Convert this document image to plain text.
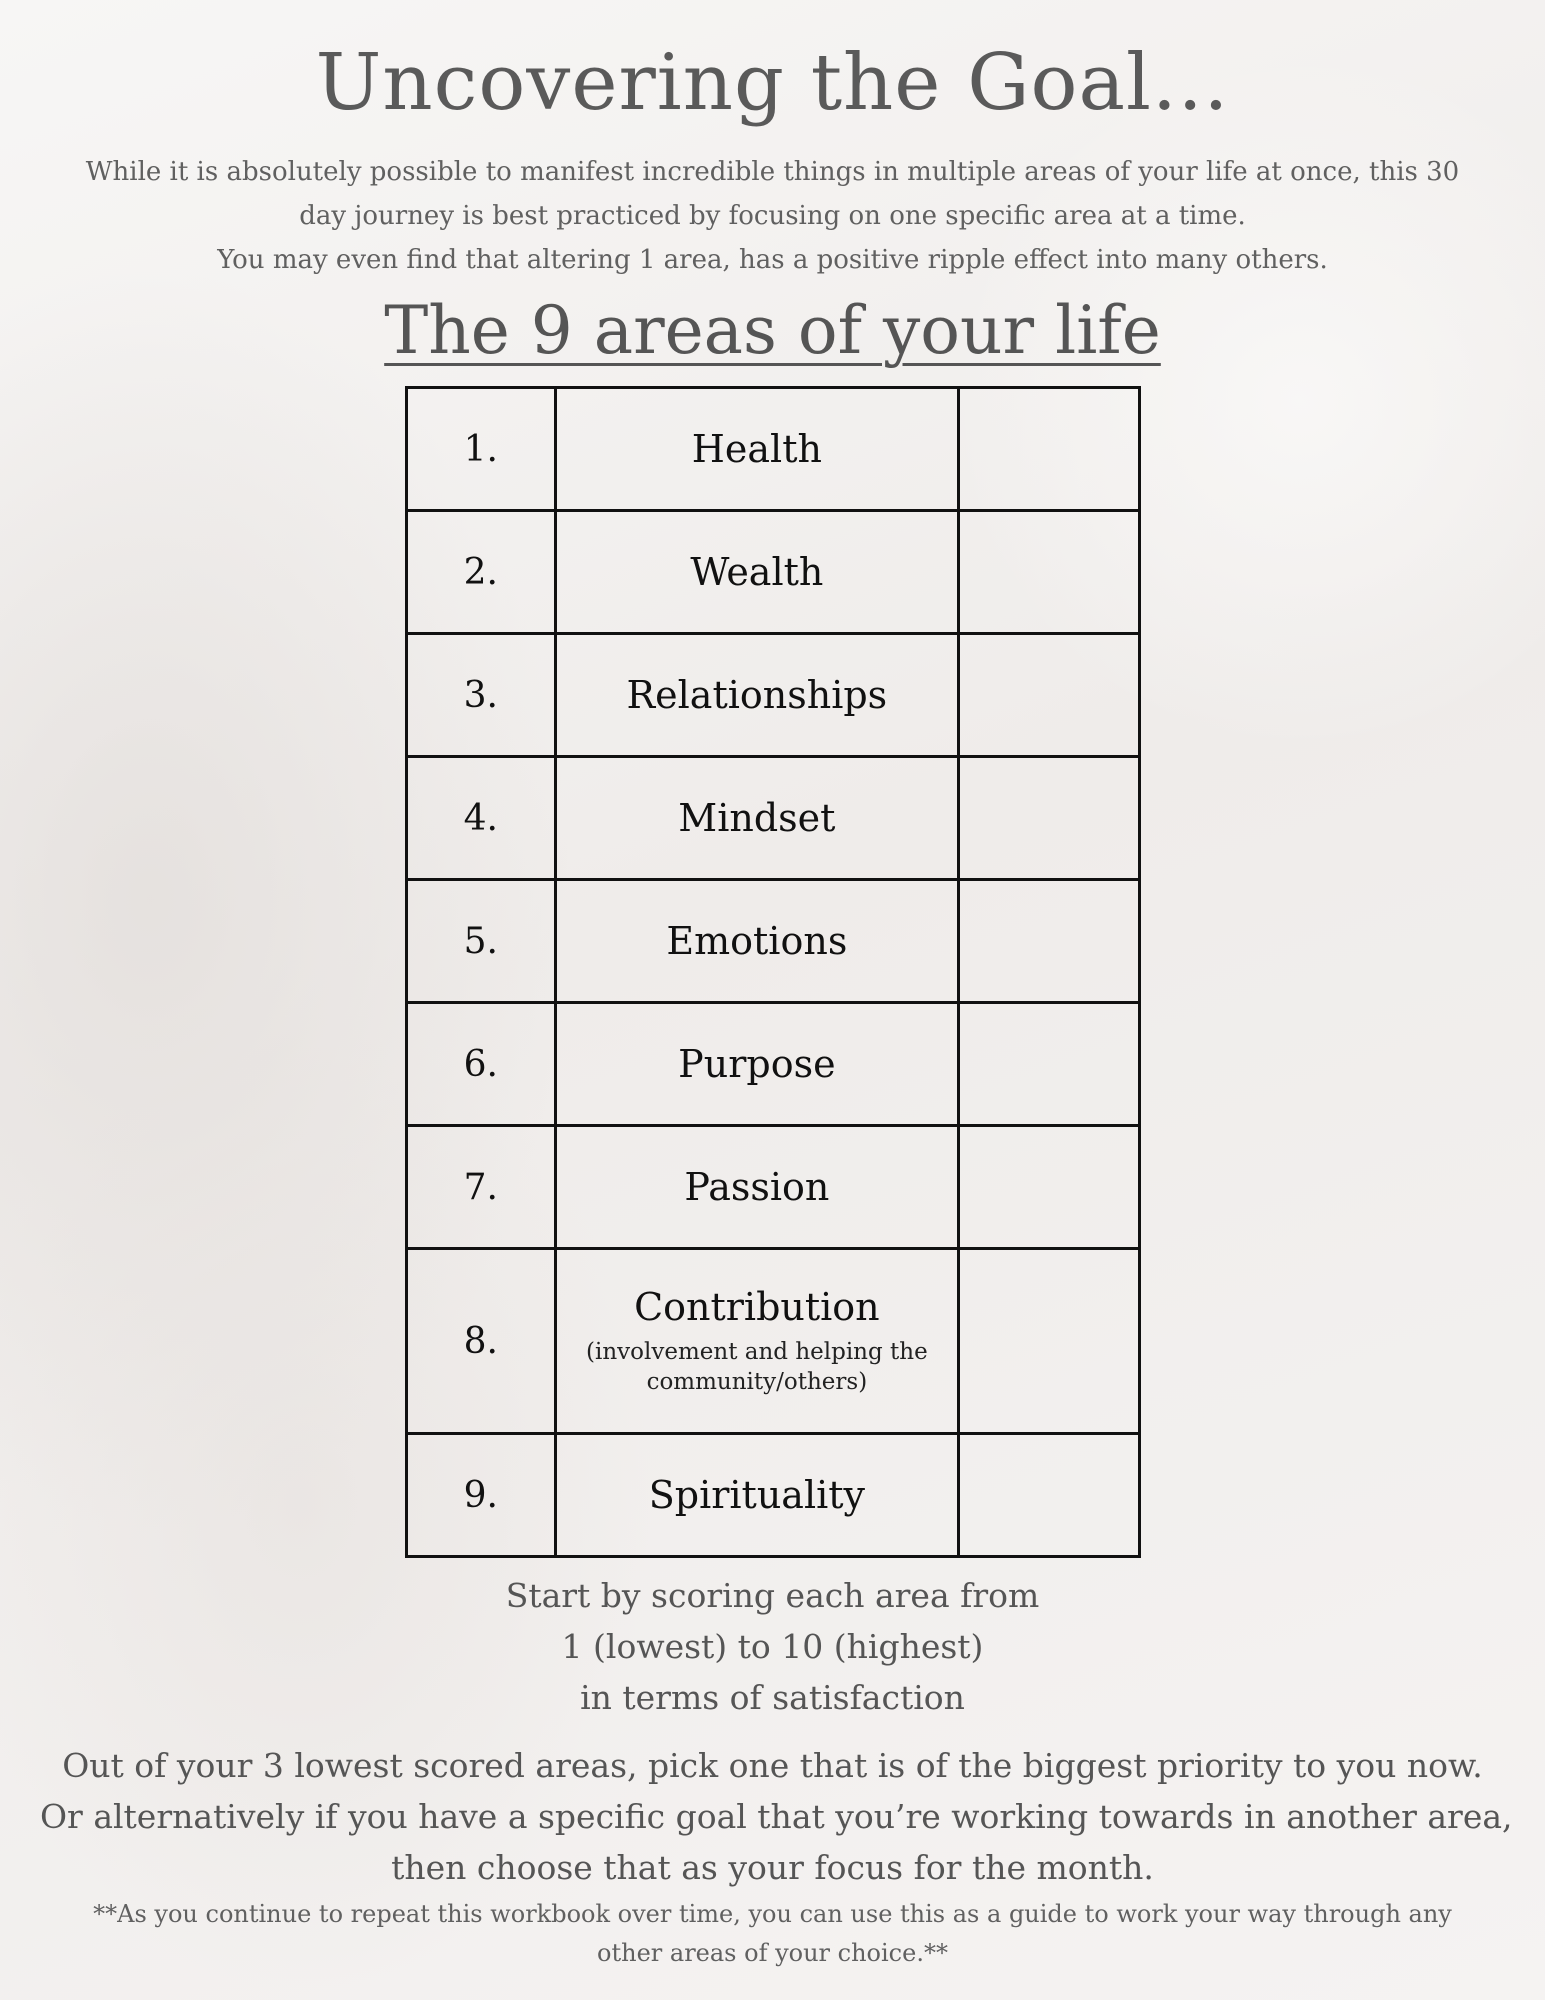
Uncovering the Goal...
While it is absolutely possible to manifest incredible things in multiple areas of your life at once, this 30
day journey is best practiced by focusing on one specific area at a time.
You may even find that altering 1 area, has a positive ripple effect into many others.
The 9 areas of your life
1.	Health	
2.	Wealth	
3.	Relationships	
4.	Mindset	
5.	Emotions	
6.	Purpose	
7.	Passion	
8.	Contribution
(involvement and helping the
community/others)	

9.	Spirituality	
Start by scoring each area from
1 (lowest) to 10 (highest)
in terms of satisfaction
Out of your 3 lowest scored areas, pick one that is of the biggest priority to you now.
Or alternatively if you have a specific goal that you’re working towards in another area,
then choose that as your focus for the month.
**As you continue to repeat this workbook over time, you can use this as a guide to work your way through any
other areas of your choice.**
